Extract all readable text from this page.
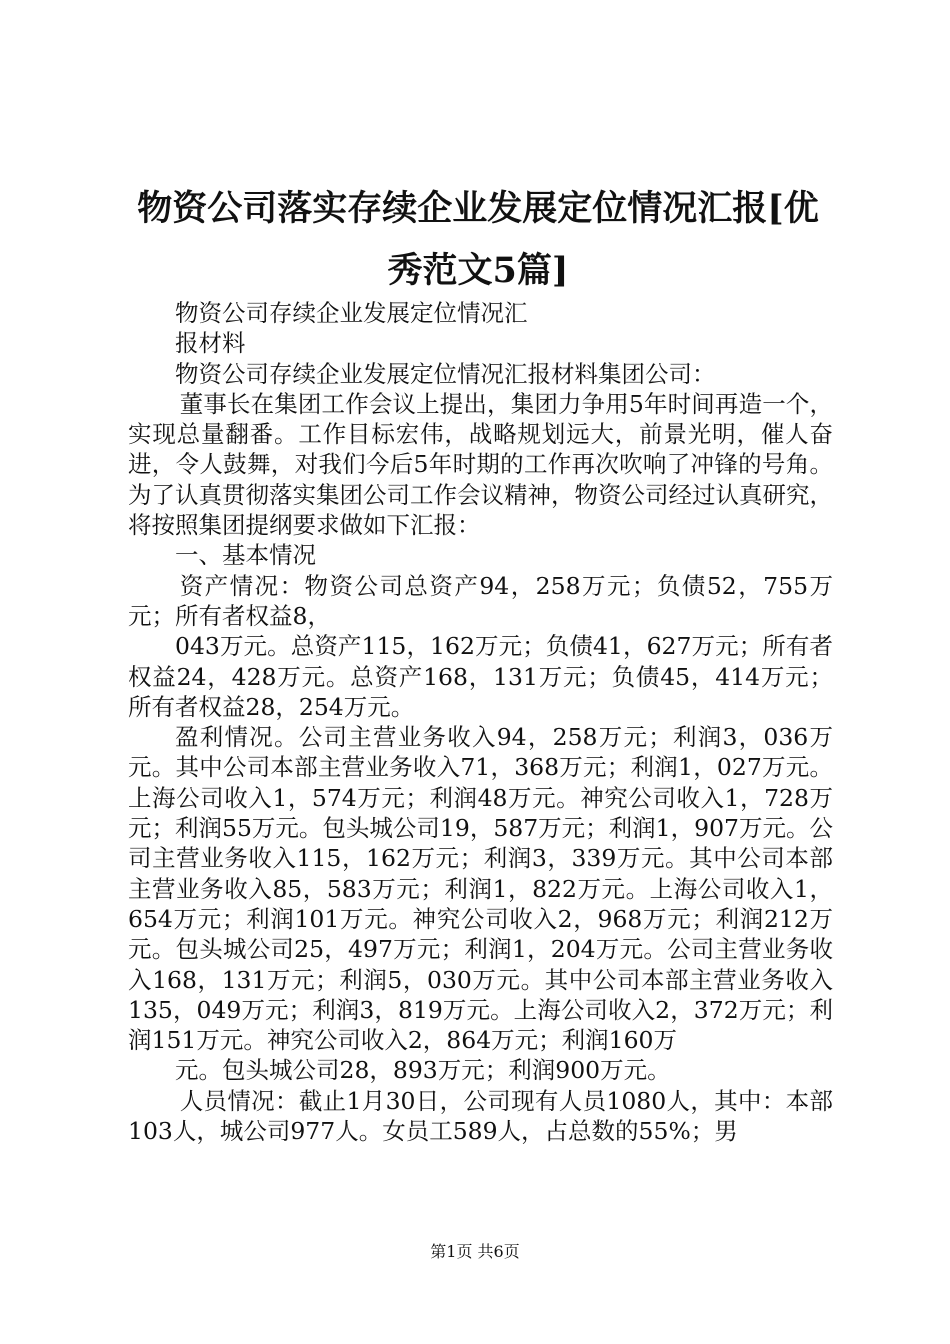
物资公司落实存续企业发展定位情况汇报[优秀范文5篇]

物资公司存续企业发展定位情况汇

报材料

物资公司存续企业发展定位情况汇报材料集团公司：

董事长在集团工作会议上提出，集团力争用5年时间再造一个，实现总量翻番。工作目标宏伟，战略规划远大，前景光明，催人奋进，令人鼓舞，对我们今后5年时期的工作再次吹响了冲锋的号角。为了认真贯彻落实集团公司工作会议精神，物资公司经过认真研究，将按照集团提纲要求做如下汇报：

一、基本情况

资产情况：物资公司总资产94，258万元；负债52，755万元；所有者权益8，

043万元。总资产115，162万元；负债41，627万元；所有者权益24，428万元。总资产168，131万元；负债45，414万元；所有者权益28，254万元。

盈利情况。公司主营业务收入94，258万元；利润3，036万元。其中公司本部主营业务收入71，368万元；利润1，027万元。上海公司收入1，574万元；利润48万元。神究公司收入1，728万元；利润55万元。包头城公司19，587万元；利润1，907万元。公司主营业务收入115，162万元；利润3，339万元。其中公司本部主营业务收入85，583万元；利润1，822万元。上海公司收入1，654万元；利润101万元。神究公司收入2，968万元；利润212万元。包头城公司25，497万元；利润1，204万元。公司主营业务收入168，131万元；利润5，030万元。其中公司本部主营业务收入135，049万元；利润3，819万元。上海公司收入2，372万元；利润151万元。神究公司收入2，864万元；利润160万

元。包头城公司28，893万元；利润900万元。

人员情况：截止1月30日，公司现有人员1080人，其中：本部103人，城公司977人。女员工589人，占总数的55%；男

第1页 共6页
